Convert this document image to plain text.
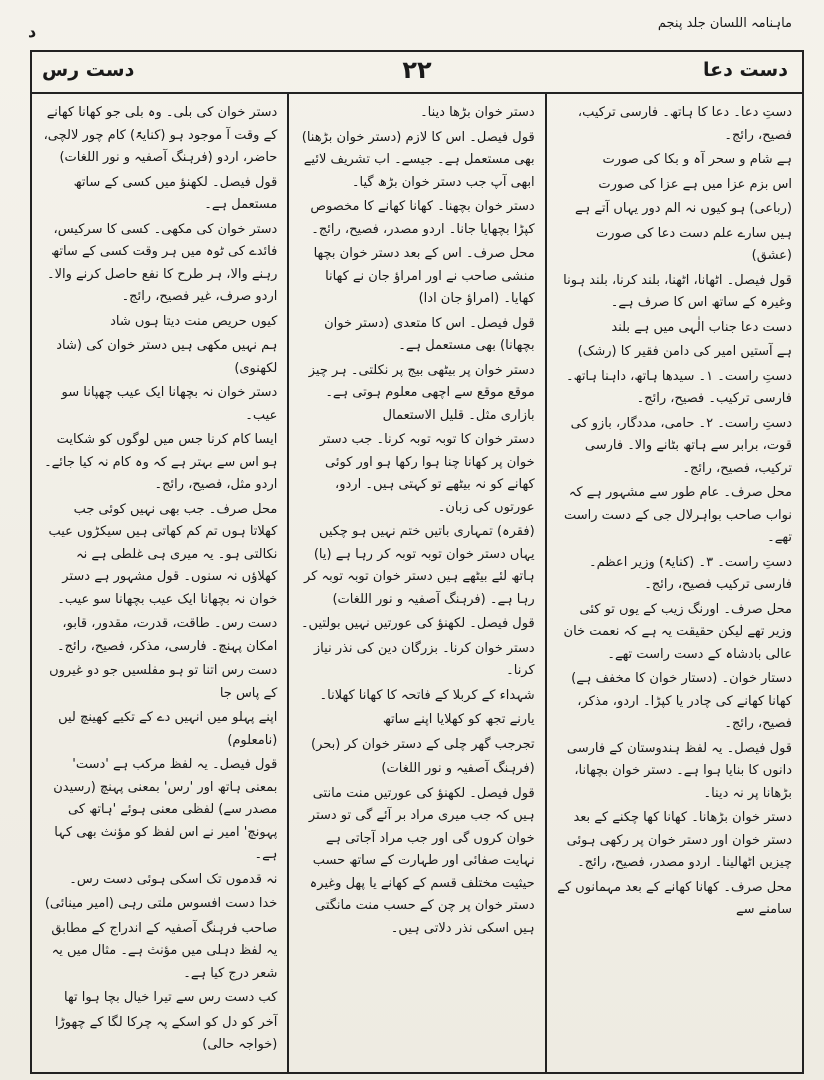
ماہنامہ اللسان جلد پنجم
د
دست دعا
۲۲
دست رس

دستِ دعا۔ دعا کا ہاتھ۔ فارسی ترکیب، فصیح، رائج۔

ہے شام و سحر آہ و بکا کی صورت

اس بزم عزا میں ہے عزا کی صورت

(رباعی) ہو کیوں نہ الم دور یہاں آتے ہے

ہیں سارے علم دست دعا کی صورت (عشق)

قول فیصل۔ اٹھانا، اٹھنا، بلند کرنا، بلند ہونا وغیرہ کے ساتھ اس کا صرف ہے۔

دست دعا جناب الٰہی میں ہے بلند

ہے آستیں امیر کی دامن فقیر کا (رشک)

دستِ راست۔ ۱۔ سیدھا ہاتھ، داہنا ہاتھ۔ فارسی ترکیب۔ فصیح، رائج۔

دستِ راست۔ ۲۔ حامی، مددگار، بازو کی قوت، برابر سے ہاتھ بٹانے والا۔ فارسی ترکیب، فصیح، رائج۔

محل صرف۔ عام طور سے مشہور ہے کہ نواب صاحب بواہرلال جی کے دست راست تھے۔

دستِ راست۔ ۳۔ (کنایۃً) وزیر اعظم۔ فارسی ترکیب فصیح، رائج۔

محل صرف۔ اورنگ زیب کے یوں تو کئی وزیر تھے لیکن حقیقت یہ ہے کہ نعمت خان عالی بادشاہ کے دست راست تھے۔

دستار خوان۔ (دستار خوان کا مخفف ہے) کھانا کھانے کی چادر یا کپڑا۔ اردو، مذکر، فصیح، رائج۔

قول فیصل۔ یہ لفظ ہندوستان کے فارسی دانوں کا بنایا ہوا ہے۔ دستر خوان بچھانا، بڑھانا پر نہ دینا۔

دستر خوان بڑھانا۔ کھانا کھا چکنے کے بعد دستر خوان اور دستر خوان پر رکھی ہوئی چیزیں اٹھالینا۔ اردو مصدر، فصیح، رائج۔

محل صرف۔ کھانا کھانے کے بعد مہمانوں کے سامنے سے

دستر خوان بڑھا دینا۔

قول فیصل۔ اس کا لازم (دستر خوان بڑھنا) بھی مستعمل ہے۔ جیسے۔ اب تشریف لائیے ابھی آپ جب دستر خوان بڑھ گیا۔

دستر خوان بچھنا۔ کھانا کھانے کا مخصوص کپڑا بچھایا جانا۔ اردو مصدر، فصیح، رائج۔

محل صرف۔ اس کے بعد دستر خوان بچھا منشی صاحب نے اور امراؤ جان نے کھانا کھایا۔ (امراؤ جان ادا)

قول فیصل۔ اس کا متعدی (دستر خوان بچھانا) بھی مستعمل ہے۔

دستر خوان پر بیٹھی بیج پر نکلتی۔ ہر چیز موقع موقع سے اچھی معلوم ہوتی ہے۔ بازاری مثل۔ قلیل الاستعمال

دستر خوان کا توبہ توبہ کرنا۔ جب دستر خوان پر کھانا چنا ہوا رکھا ہو اور کوئی کھانے کو نہ بیٹھے تو کہتی ہیں۔ اردو، عورتوں کی زبان۔

(فقرہ) تمہاری باتیں ختم نہیں ہو چکیں یہاں دستر خوان توبہ توبہ کر رہا ہے (یا) ہاتھ لئے بیٹھے ہیں دستر خوان توبہ توبہ کر رہا ہے۔ (فرہنگ آصفیہ و نور اللغات)

قول فیصل۔ لکھنؤ کی عورتیں نہیں بولتیں۔

دستر خوان کرنا۔ بزرگان دین کی نذر نیاز کرنا۔

شہداء کے کربلا کے فاتحہ کا کھانا کھلانا۔

یارنے تجھ کو کھلایا اپنے ساتھ

تجرجب گھر چلی کے دستر خوان کر (بحر)

(فرہنگ آصفیہ و نور اللغات)

قول فیصل۔ لکھنؤ کی عورتیں منت مانتی ہیں کہ جب میری مراد بر آئے گی تو دستر خوان کروں گی اور جب مراد آجاتی ہے نہایت صفائی اور طہارت کے ساتھ حسب حیثیت مختلف قسم کے کھانے یا پھل وغیرہ دستر خوان پر چن کے حسب منت مانگتی ہیں اسکی نذر دلاتی ہیں۔

دستر خوان کی بلی۔ وہ بلی جو کھانا کھانے کے وقت آ موجود ہو (کنایۃً) کام چور لالچی، حاضر، اردو (فرہنگ آصفیہ و نور اللغات)

قول فیصل۔ لکھنؤ میں کسی کے ساتھ مستعمل ہے۔

دستر خوان کی مکھی۔ کسی کا سرکیس، فائدے کی ٹوہ میں ہر وقت کسی کے ساتھ رہنے والا، ہر طرح کا نفع حاصل کرنے والا۔ اردو صرف، غیر فصیح، رائج۔

کیوں حریص منت دیتا ہوں شاد

ہم نہیں مکھی ہیں دستر خوان کی (شاد لکھنوی)

دستر خوان نہ بچھانا ایک عیب چھپانا سو عیب۔

ایسا کام کرنا جس میں لوگوں کو شکایت ہو اس سے بہتر ہے کہ وہ کام نہ کیا جائے۔ اردو مثل، فصیح، رائج۔

محل صرف۔ جب بھی نہیں کوئی جب کھلاتا ہوں تم کم کھاتی ہیں سیکڑوں عیب نکالتی ہو۔ یہ میری ہی غلطی ہے نہ کھلاؤں نہ سنوں۔ قول مشہور ہے دستر خوان نہ بچھانا ایک عیب بچھانا سو عیب۔

دست رس۔ طاقت، قدرت، مقدور، قابو، امکان پہنچ۔ فارسی، مذکر، فصیح، رائج۔

دست رس اتنا تو ہو مفلسیں جو دو غیروں کے پاس جا

اپنے پہلو میں انہیں دے کے تکیے کھینچ لیں (نامعلوم)

قول فیصل۔ یہ لفظ مرکب ہے 'دست' بمعنی ہاتھ اور 'رس' بمعنی پہنچ (رسیدن مصدر سے) لفظی معنی ہوئے 'ہاتھ کی پہونچ' امیر نے اس لفظ کو مؤنث بھی کہا ہے۔

نہ قدموں تک اسکی ہوئی دست رس۔

خدا دست افسوس ملتی رہی (امیر مینائی)

صاحب فرہنگ آصفیہ کے اندراج کے مطابق یہ لفظ دہلی میں مؤنث ہے۔ مثال میں یہ شعر درج کیا ہے۔

کب دست رس سے تیرا خیال بچا ہوا تھا

آخر کو دل کو اسکے پہ چرکا لگا کے چھوڑا (خواجہ حالی)
